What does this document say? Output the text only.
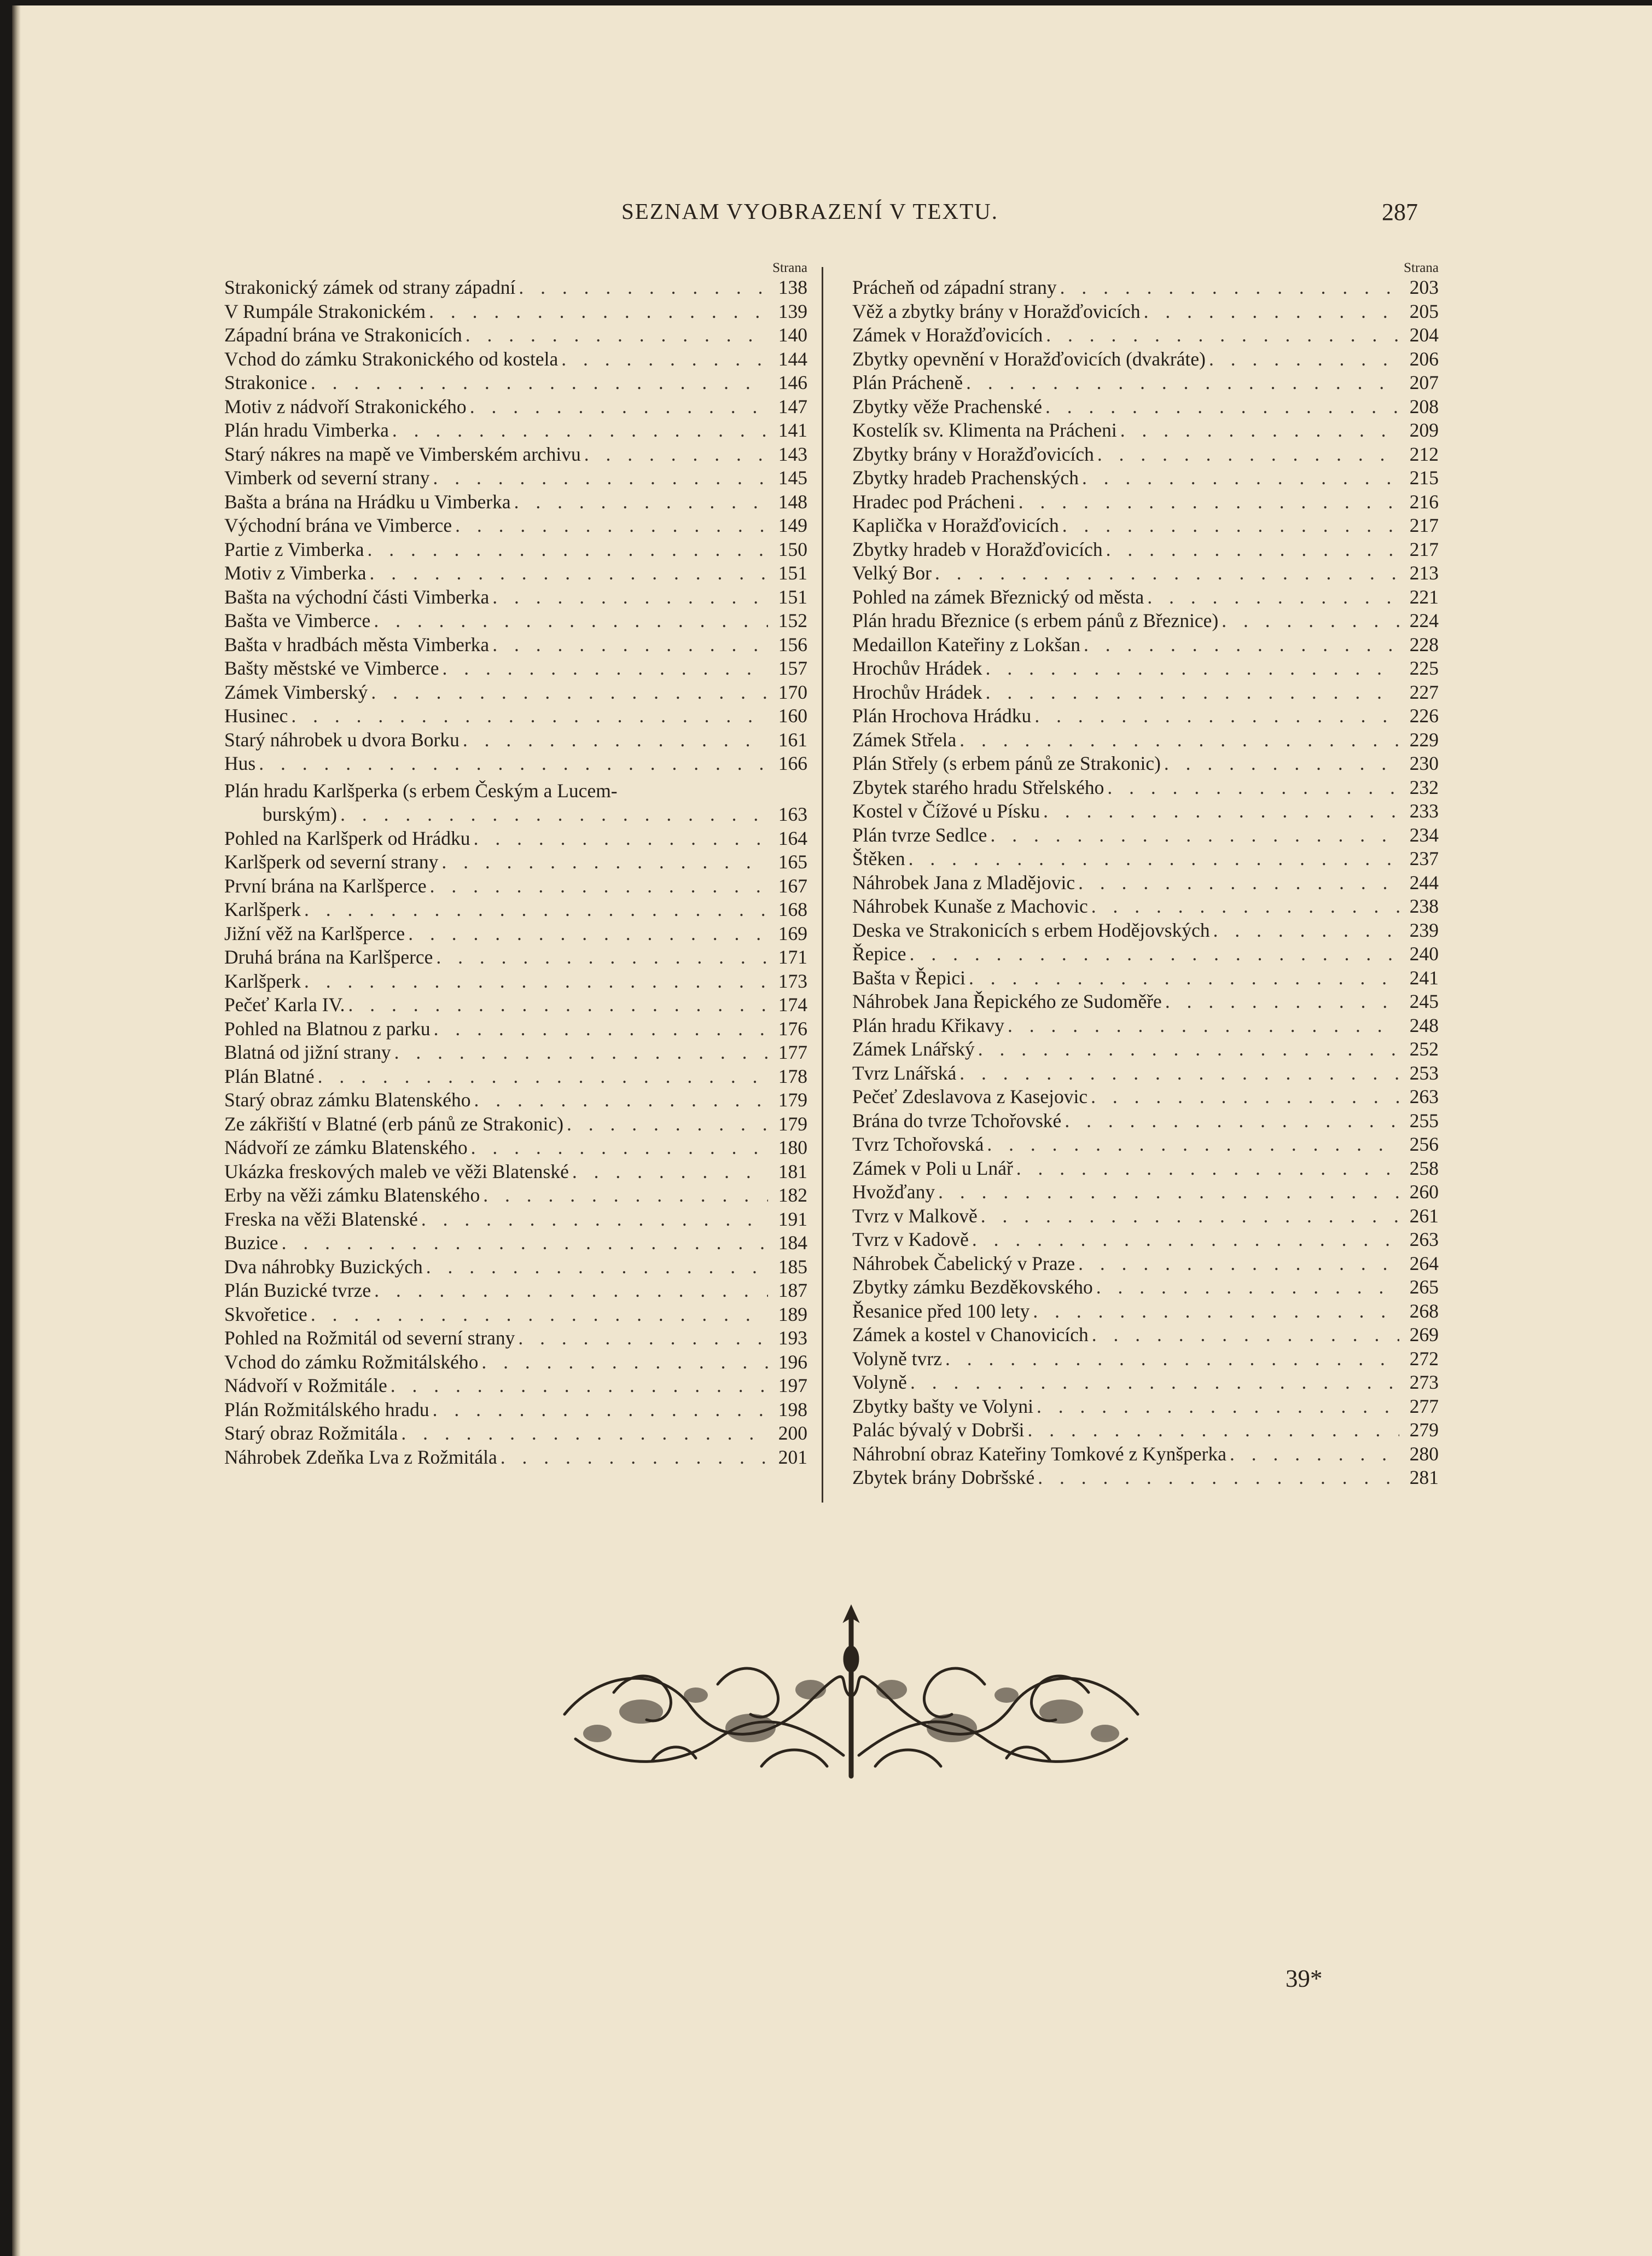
SEZNAM VYOBRAZENÍ V TEXTU.	287
Strana
Strakonický zámek od strany západní . . .	138
V Rumpále Strakonickém . . .	139
Západní brána ve Strakonicích . . .	140
Vchod do zámku Strakonického od kostela . . .	144
Strakonice . . .	146
Motiv z nádvoří Strakonického . . .	147
Plán hradu Vimberka . . .	141
Starý nákres na mapě ve Vimberském archivu . . .	143
Vimberk od severní strany . . .	145
Bašta a brána na Hrádku u Vimberka . . .	148
Východní brána ve Vimberce . . .	149
Partie z Vimberka . . .	150
Motiv z Vimberka . . .	151
Bašta na východní části Vimberka . . .	151
Bašta ve Vimberce . . .	152
Bašta v hradbách města Vimberka . . .	156
Bašty městské ve Vimberce . . .	157
Zámek Vimberský . . .	170
Husinec . . .	160
Starý náhrobek u dvora Borku . . .	161
Hus . . .	166
Plán hradu Karlšperka (s erbem Českým a Lucem-
burským) . . .	163
Pohled na Karlšperk od Hrádku . . .	164
Karlšperk od severní strany . . .	165
První brána na Karlšperce . . .	167
Karlšperk . . .	168
Jižní věž na Karlšperce . . .	169
Druhá brána na Karlšperce . . .	171
Karlšperk . . .	173
Pečeť Karla IV. . . .	174
Pohled na Blatnou z parku . . .	176
Blatná od jižní strany . . .	177
Plán Blatné . . .	178
Starý obraz zámku Blatenského . . .	179
Ze zákřiští v Blatné (erb pánů ze Strakonic) . . .	179
Nádvoří ze zámku Blatenského . . .	180
Ukázka freskových maleb ve věži Blatenské . . .	181
Erby na věži zámku Blatenského . . .	182
Freska na věži Blatenské . . .	191
Buzice . . .	184
Dva náhrobky Buzických . . .	185
Plán Buzické tvrze . . .	187
Skvořetice . . .	189
Pohled na Rožmitál od severní strany . . .	193
Vchod do zámku Rožmitálského . . .	196
Nádvoří v Rožmitále . . .	197
Plán Rožmitálského hradu . . .	198
Starý obraz Rožmitála . . .	200
Náhrobek Zdeňka Lva z Rožmitála . . .	201
Strana
Prácheň od západní strany . . .	203
Věž a zbytky brány v Horažďovicích . . .	205
Zámek v Horažďovicích . . .	204
Zbytky opevnění v Horažďovicích (dvakráte) . . .	206
Plán Prácheně . . .	207
Zbytky věže Prachenské . . .	208
Kostelík sv. Klimenta na Prácheni . . .	209
Zbytky brány v Horažďovicích . . .	212
Zbytky hradeb Prachenských . . .	215
Hradec pod Prácheni . . .	216
Kaplička v Horažďovicích . . .	217
Zbytky hradeb v Horažďovicích . . .	217
Velký Bor . . .	213
Pohled na zámek Březnický od města . . .	221
Plán hradu Březnice (s erbem pánů z Březnice) . . .	224
Medaillon Kateřiny z Lokšan . . .	228
Hrochův Hrádek . . .	225
Hrochův Hrádek . . .	227
Plán Hrochova Hrádku . . .	226
Zámek Střela . . .	229
Plán Střely (s erbem pánů ze Strakonic) . . .	230
Zbytek starého hradu Střelského . . .	232
Kostel v Čížové u Písku . . .	233
Plán tvrze Sedlce . . .	234
Štěken . . .	237
Náhrobek Jana z Mladějovic . . .	244
Náhrobek Kunaše z Machovic . . .	238
Deska ve Strakonicích s erbem Hodějovských . . .	239
Řepice . . .	240
Bašta v Řepici . . .	241
Náhrobek Jana Řepického ze Sudoměře . . .	245
Plán hradu Křikavy . . .	248
Zámek Lnářský . . .	252
Tvrz Lnářská . . .	253
Pečeť Zdeslavova z Kasejovic . . .	263
Brána do tvrze Tchořovské . . .	255
Tvrz Tchořovská . . .	256
Zámek v Poli u Lnář . . .	258
Hvožďany . . .	260
Tvrz v Malkově . . .	261
Tvrz v Kadově . . .	263
Náhrobek Čabelický v Praze . . .	264
Zbytky zámku Bezděkovského . . .	265
Řesanice před 100 lety . . .	268
Zámek a kostel v Chanovicích . . .	269
Volyně tvrz . . .	272
Volyně . . .	273
Zbytky bašty ve Volyni . . .	277
Palác bývalý v Dobrši . . .	279
Náhrobní obraz Kateřiny Tomkové z Kynšperka . . .	280
Zbytek brány Dobršské . . .	281
39*
